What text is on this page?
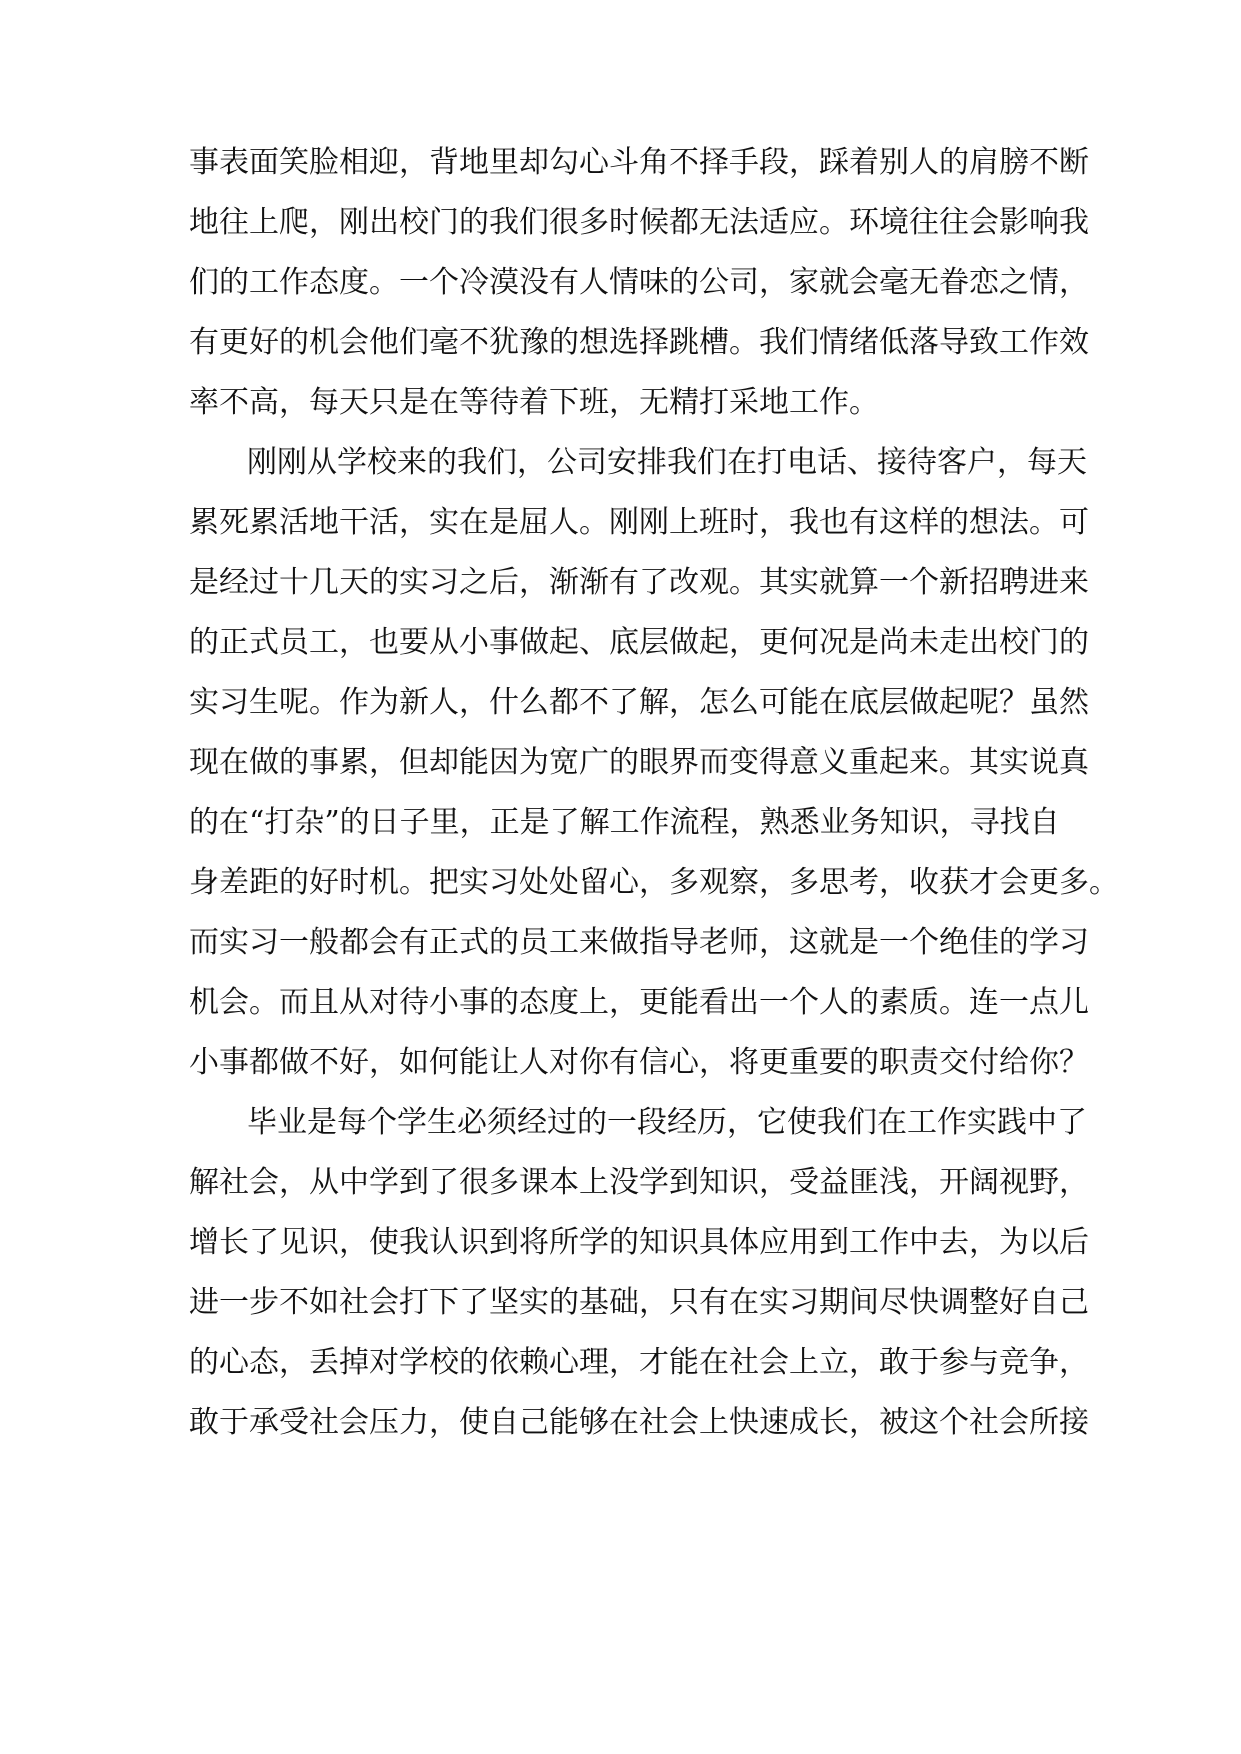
事表面笑脸相迎，背地里却勾心斗角不择手段，踩着别人的肩膀不断

地往上爬，刚出校门的我们很多时候都无法适应。环境往往会影响我

们的工作态度。一个冷漠没有人情味的公司，家就会毫无眷恋之情，

有更好的机会他们毫不犹豫的想选择跳槽。我们情绪低落导致工作效

率不高，每天只是在等待着下班，无精打采地工作。

刚刚从学校来的我们，公司安排我们在打电话、接待客户，每天

累死累活地干活，实在是屈人。刚刚上班时，我也有这样的想法。可

是经过十几天的实习之后，渐渐有了改观。其实就算一个新招聘进来

的正式员工，也要从小事做起、底层做起，更何况是尚未走出校门的

实习生呢。作为新人，什么都不了解，怎么可能在底层做起呢？虽然

现在做的事累，但却能因为宽广的眼界而变得意义重起来。其实说真

的在“打杂”的日子里，正是了解工作流程，熟悉业务知识，寻找自

身差距的好时机。把实习处处留心，多观察，多思考，收获才会更多。

而实习一般都会有正式的员工来做指导老师，这就是一个绝佳的学习

机会。而且从对待小事的态度上，更能看出一个人的素质。连一点儿

小事都做不好，如何能让人对你有信心，将更重要的职责交付给你？

毕业是每个学生必须经过的一段经历，它使我们在工作实践中了

解社会，从中学到了很多课本上没学到知识，受益匪浅，开阔视野，

增长了见识，使我认识到将所学的知识具体应用到工作中去，为以后

进一步不如社会打下了坚实的基础，只有在实习期间尽快调整好自己

的心态，丢掉对学校的依赖心理，才能在社会上立，敢于参与竞争，

敢于承受社会压力，使自己能够在社会上快速成长，被这个社会所接
